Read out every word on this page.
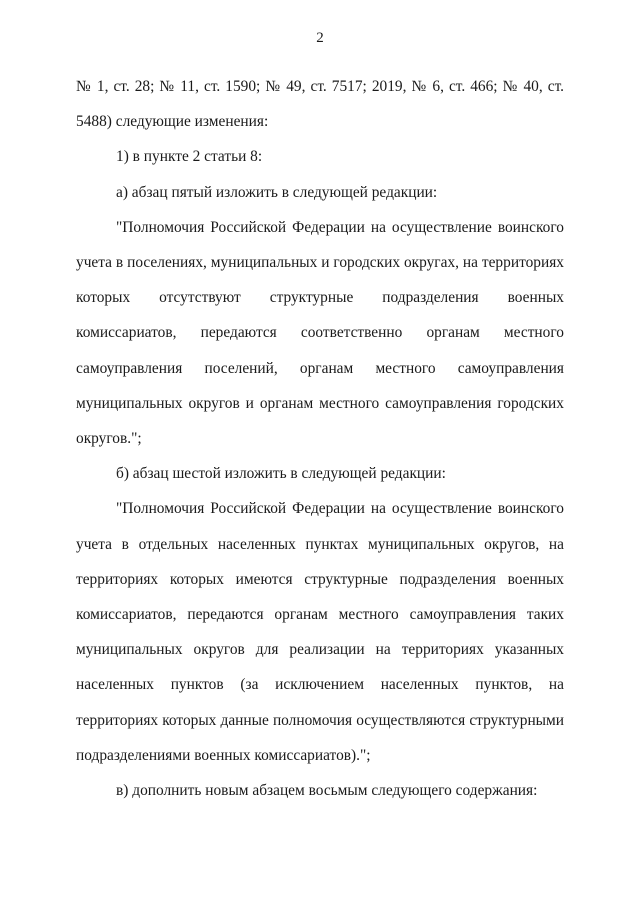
2

№ 1, ст. 28; № 11, ст. 1590; № 49, ст. 7517; 2019, № 6, ст. 466; № 40, ст. 5488) следующие изменения:

1) в пункте 2 статьи 8:

а) абзац пятый изложить в следующей редакции:

"Полномочия Российской Федерации на осуществление воинского учета в поселениях, муниципальных и городских округах, на территориях которых отсутствуют структурные подразделения военных комиссариатов, передаются соответственно органам местного самоуправления поселений, органам местного самоуправления муниципальных округов и органам местного самоуправления городских округов.";

б) абзац шестой изложить в следующей редакции:

"Полномочия Российской Федерации на осуществление воинского учета в отдельных населенных пунктах муниципальных округов, на территориях которых имеются структурные подразделения военных комиссариатов, передаются органам местного самоуправления таких муниципальных округов для реализации на территориях указанных населенных пунктов (за исключением населенных пунктов, на территориях которых данные полномочия осуществляются структурными подразделениями военных комиссариатов).";

в) дополнить новым абзацем восьмым следующего содержания:
